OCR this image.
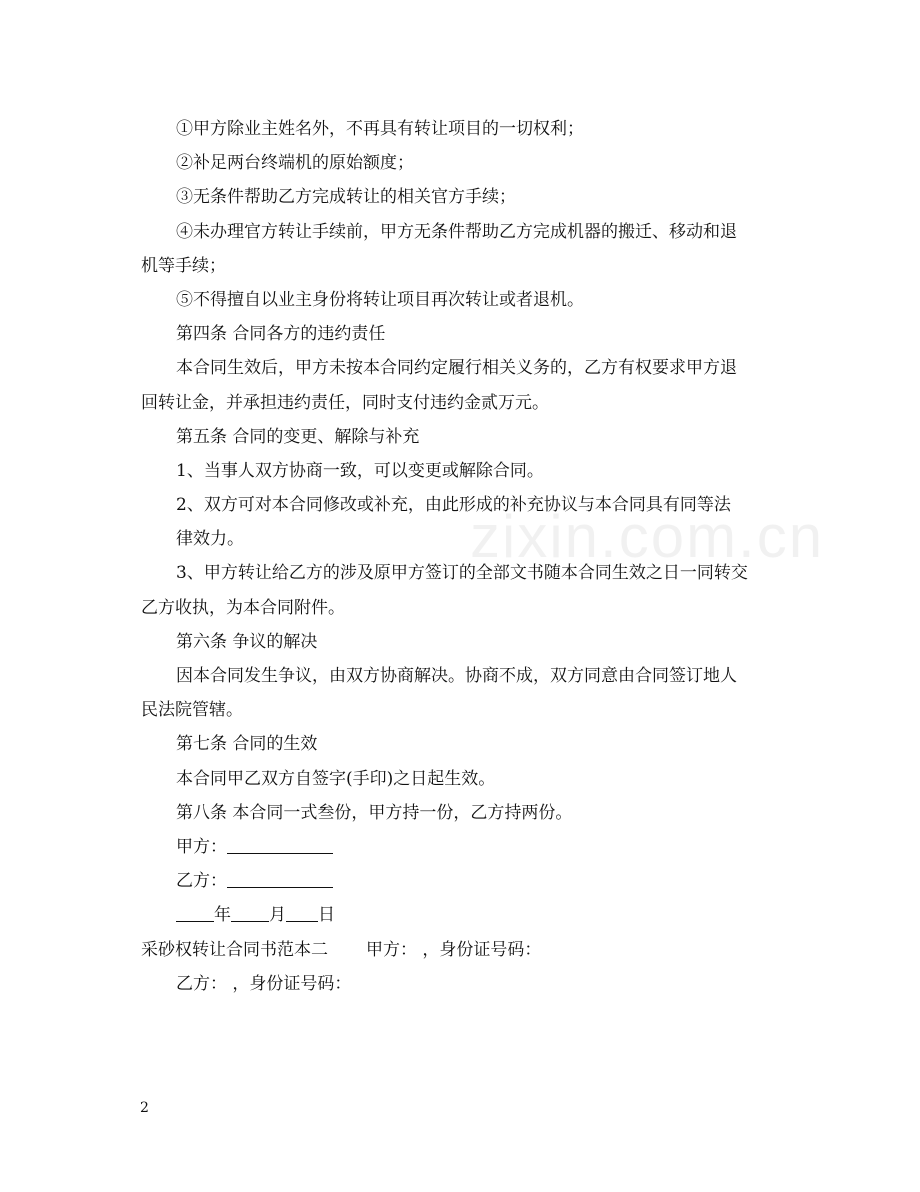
zixin.com.cn
①甲方除业主姓名外，不再具有转让项目的一切权利；
②补足两台终端机的原始额度；
③无条件帮助乙方完成转让的相关官方手续；
④未办理官方转让手续前，甲方无条件帮助乙方完成机器的搬迁、移动和退
机等手续；
⑤不得擅自以业主身份将转让项目再次转让或者退机。
第四条 合同各方的违约责任
本合同生效后，甲方未按本合同约定履行相关义务的，乙方有权要求甲方退
回转让金，并承担违约责任，同时支付违约金贰万元。
第五条 合同的变更、解除与补充
1、当事人双方协商一致，可以变更或解除合同。
2、双方可对本合同修改或补充，由此形成的补充协议与本合同具有同等法
律效力。
3、甲方转让给乙方的涉及原甲方签订的全部文书随本合同生效之日一同转交
乙方收执，为本合同附件。
第六条 争议的解决
因本合同发生争议，由双方协商解决。协商不成，双方同意由合同签订地人
民法院管辖。
第七条 合同的生效
本合同甲乙双方自签字(手印)之日起生效。
第八条 本合同一式叁份，甲方持一份，乙方持两份。
甲方：
乙方：
年 月 日
采砂权转让合同书范本二 甲方： ，身份证号码：
乙方： ，身份证号码：
2
